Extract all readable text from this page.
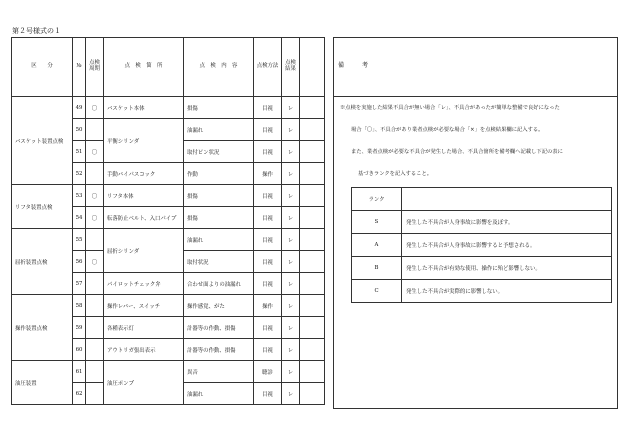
第２号様式の１
区　　分	№	点検
周期	点　検　箇　所	点　検　内　容	点検方法	点検
結果	
バスケット装置点検	49	〇	バスケット本体	損傷	目視	レ	
	50		平衡シリンダ	油漏れ	目視	レ	
	51	〇		取付ピン状況	目視	レ	
	52		手動バイパスコック	作動	操作	レ	
リフタ装置点検	53	〇	リフタ本体	損傷	目視	レ	
	54	〇	転落防止ベルト、入口パイプ	損傷	目視	レ	
屈折装置点検	55		屈折シリンダ	油漏れ	目視	レ	
	56	〇		取付状況	目視	レ	
	57		パイロットチェック弁	合わせ面よりの油漏れ	目視	レ	
操作装置点検	58		操作レバー、スイッチ	操作感覚、がた	操作	レ	
	59		各種表示灯	計器等の作動、損傷	目視	レ	
	60		アウトリガ張出表示	計器等の作動、損傷	目視	レ	
油圧装置	61		油圧ポンプ	異音	聴診	レ	
	62			油漏れ	目視	レ	
備　考
※点検を実施した結果不具合が無い場合「レ」、不具合があったが簡単な整備で良好になった
場合「〇」、不具合があり業者点検が必要な場合「×」を点検結果欄に記入する。
また、業者点検が必要な不具合が発生した場合、不具合箇所を備考欄へ記載し下記の表に
基づきランクを記入すること。
ランク	
S	発生した不具合が人身事故に影響を及ぼす。
A	発生した不具合が人身事故に影響すると予想される。
B	発生した不具合が有効な使用、操作に殆ど影響しない。
C	発生した不具合が実際的に影響しない。
